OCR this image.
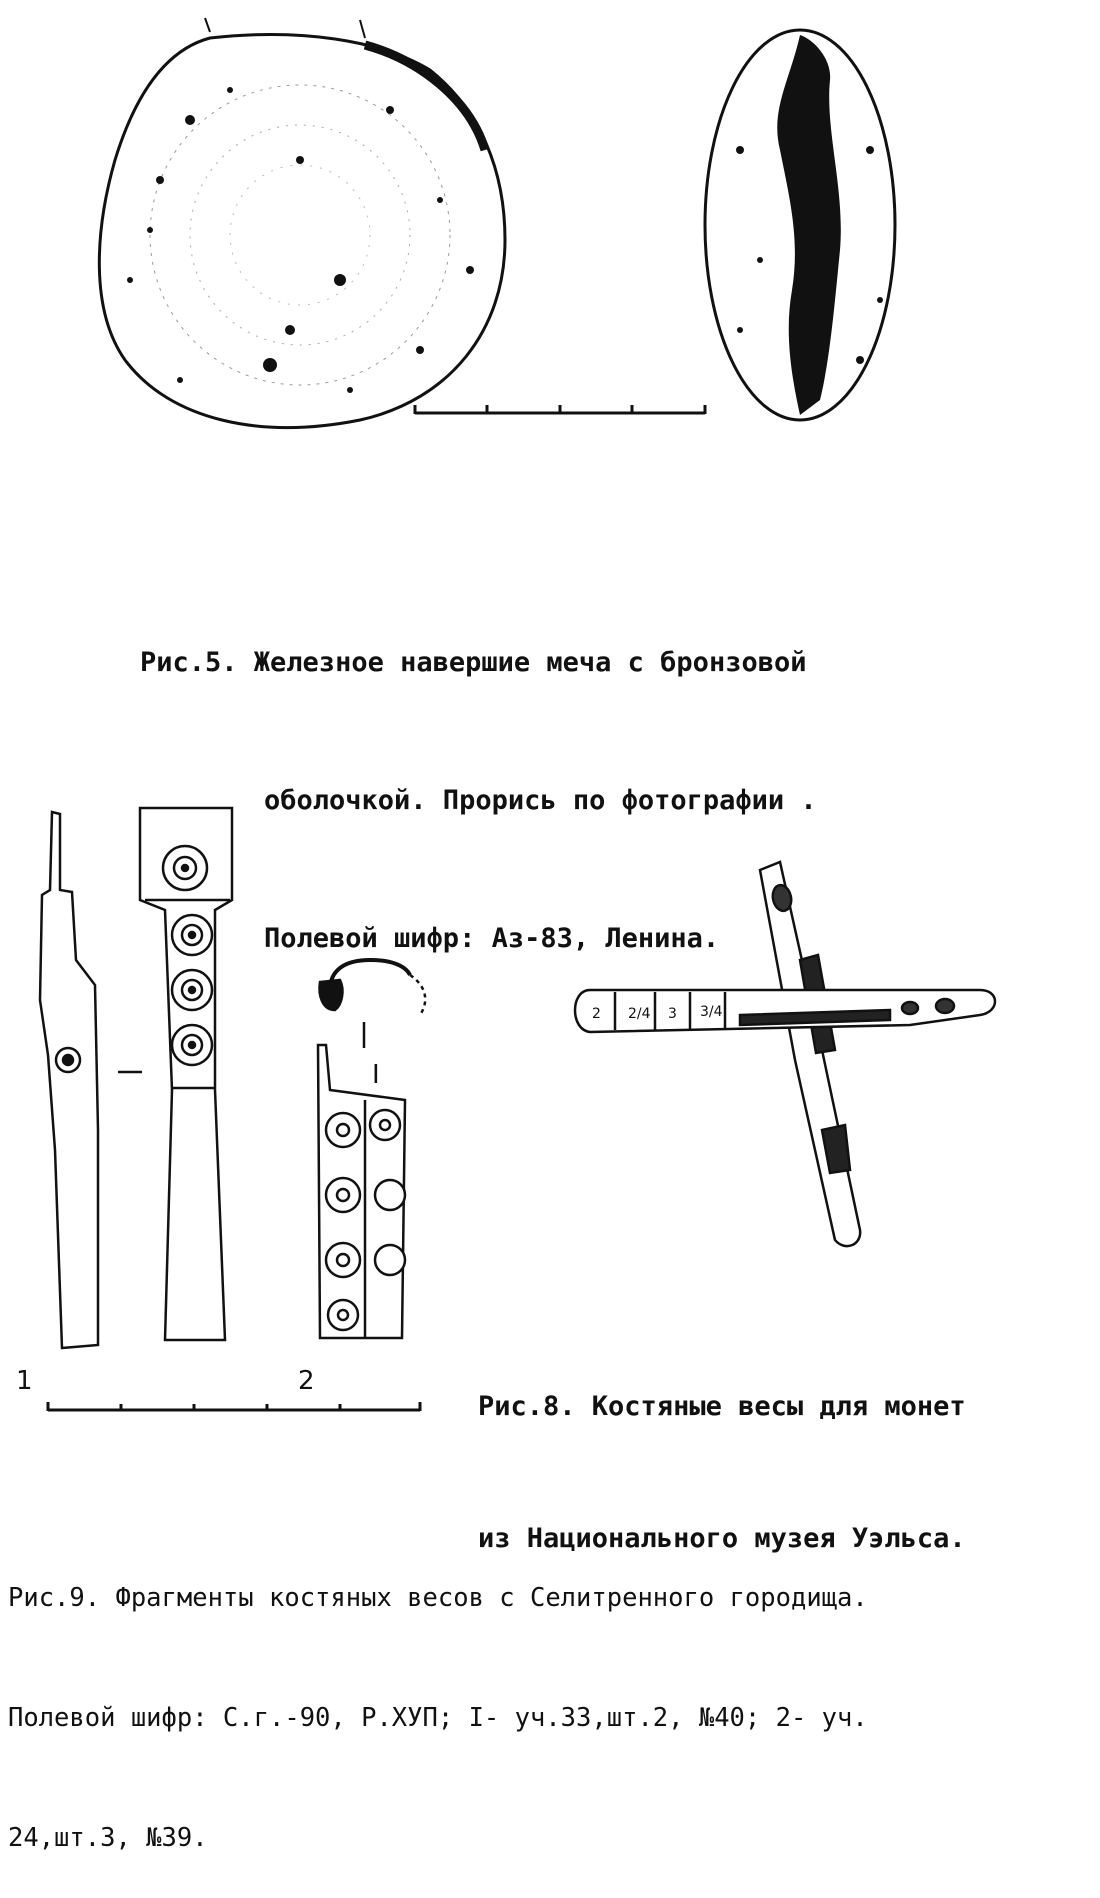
Рис.5. Железное навершие меча с бронзовой

оболочкой. Прорись по фотографии .

Полевой шифр: Аз-83, Ленина.

1	2
I
2 2/4 3 3/4

Рис.8. Костяные весы для монет

из Национального музея Уэльса.

Рис.9. Фрагменты костяных весов с Селитренного городища.

Полевой шифр: С.г.-90, Р.ХУП; I- уч.33,шт.2, №40; 2- уч.

24,шт.3, №39.
